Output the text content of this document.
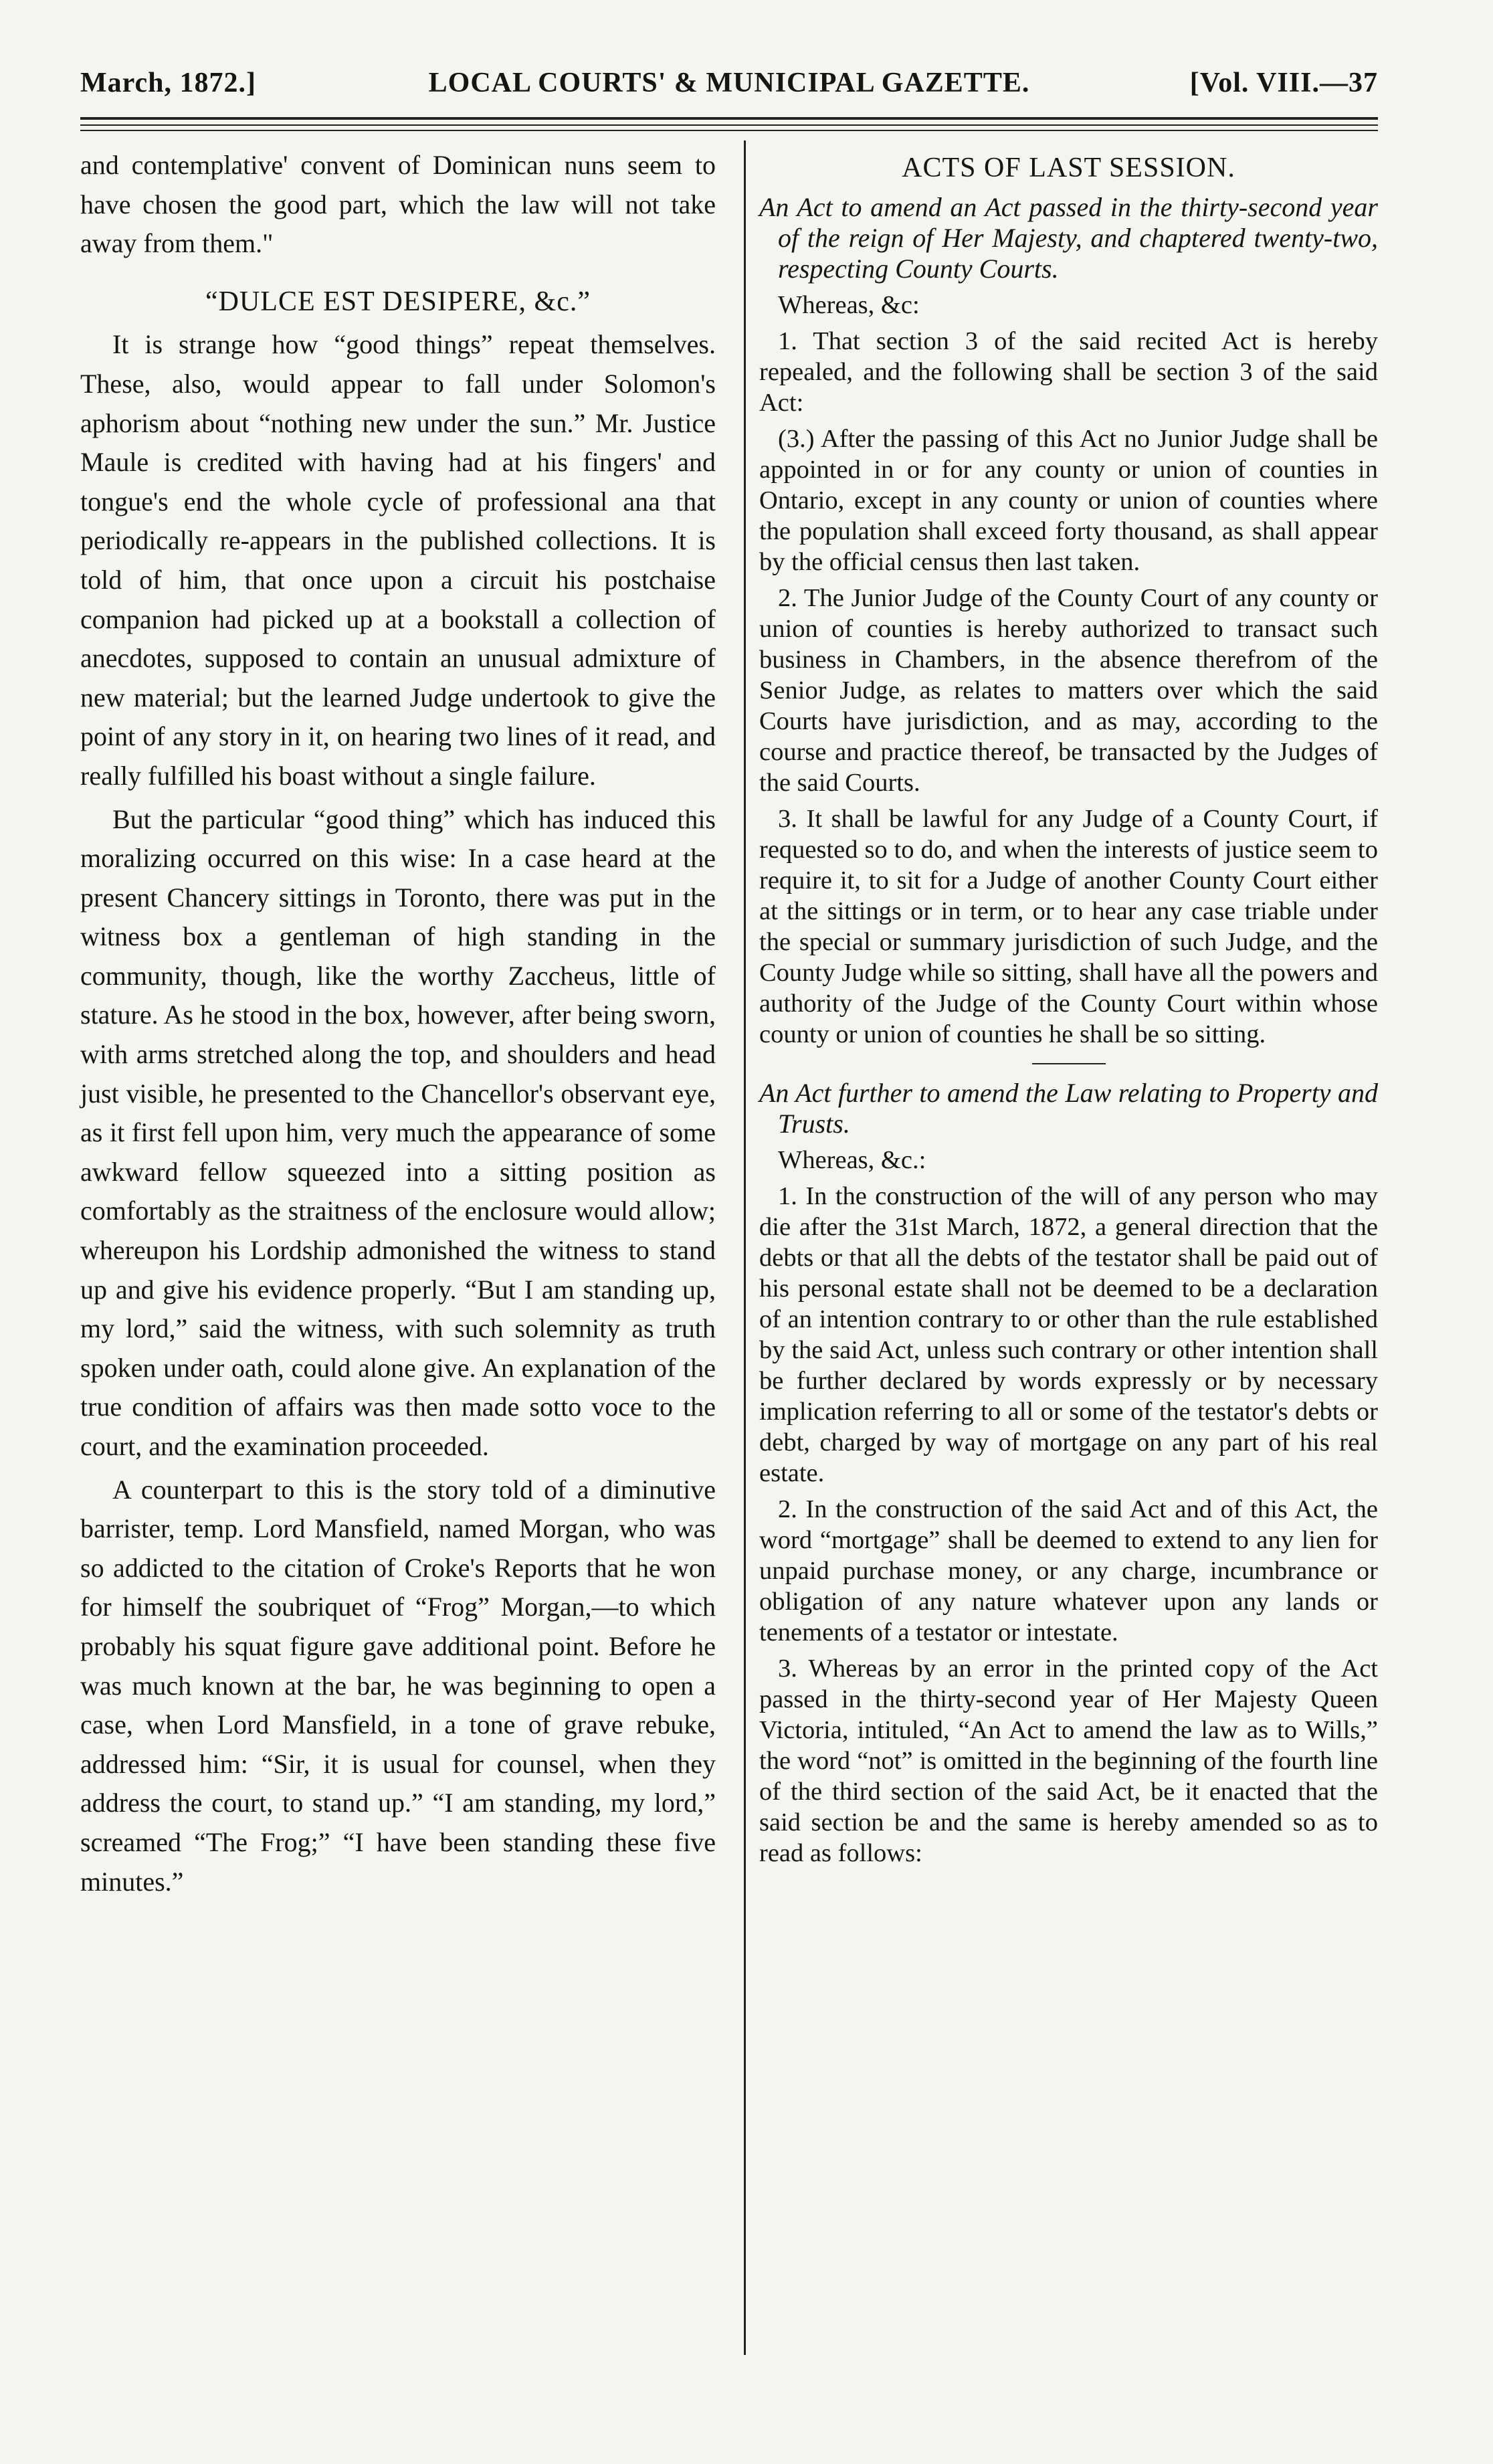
March, 1872.]	LOCAL COURTS' & MUNICIPAL GAZETTE.	[Vol. VIII.—37

and contemplative' convent of Dominican nuns seem to have chosen the good part, which the law will not take away from them."

“DULCE EST DESIPERE, &c.”

It is strange how “good things” repeat themselves. These, also, would appear to fall under Solomon's aphorism about “nothing new under the sun.” Mr. Justice Maule is credited with having had at his fingers' and tongue's end the whole cycle of professional ana that periodically re-appears in the published collections. It is told of him, that once upon a circuit his postchaise companion had picked up at a bookstall a collection of anecdotes, supposed to contain an unusual admixture of new material; but the learned Judge undertook to give the point of any story in it, on hearing two lines of it read, and really fulfilled his boast without a single failure.

But the particular “good thing” which has induced this moralizing occurred on this wise: In a case heard at the present Chancery sittings in Toronto, there was put in the witness box a gentleman of high standing in the community, though, like the worthy Zaccheus, little of stature. As he stood in the box, however, after being sworn, with arms stretched along the top, and shoulders and head just visible, he presented to the Chancellor's observant eye, as it first fell upon him, very much the appearance of some awkward fellow squeezed into a sitting position as comfortably as the straitness of the enclosure would allow; whereupon his Lordship admonished the witness to stand up and give his evidence properly. “But I am standing up, my lord,” said the witness, with such solemnity as truth spoken under oath, could alone give. An explanation of the true condition of affairs was then made sotto voce to the court, and the examination proceeded.

A counterpart to this is the story told of a diminutive barrister, temp. Lord Mansfield, named Morgan, who was so addicted to the citation of Croke's Reports that he won for himself the soubriquet of “Frog” Morgan,—to which probably his squat figure gave additional point. Before he was much known at the bar, he was beginning to open a case, when Lord Mansfield, in a tone of grave rebuke, addressed him: “Sir, it is usual for counsel, when they address the court, to stand up.” “I am standing, my lord,” screamed “The Frog;” “I have been standing these five minutes.”

ACTS OF LAST SESSION.
An Act to amend an Act passed in the thirty-second year of the reign of Her Majesty, and chaptered twenty-two, respecting County Courts.

Whereas, &c:

1. That section 3 of the said recited Act is hereby repealed, and the following shall be section 3 of the said Act:

(3.) After the passing of this Act no Junior Judge shall be appointed in or for any county or union of counties in Ontario, except in any county or union of counties where the population shall exceed forty thousand, as shall appear by the official census then last taken.

2. The Junior Judge of the County Court of any county or union of counties is hereby authorized to transact such business in Chambers, in the absence therefrom of the Senior Judge, as relates to matters over which the said Courts have jurisdiction, and as may, according to the course and practice thereof, be transacted by the Judges of the said Courts.

3. It shall be lawful for any Judge of a County Court, if requested so to do, and when the interests of justice seem to require it, to sit for a Judge of another County Court either at the sittings or in term, or to hear any case triable under the special or summary jurisdiction of such Judge, and the County Judge while so sitting, shall have all the powers and authority of the Judge of the County Court within whose county or union of counties he shall be so sitting.

An Act further to amend the Law relating to Property and Trusts.

Whereas, &c.:

1. In the construction of the will of any person who may die after the 31st March, 1872, a general direction that the debts or that all the debts of the testator shall be paid out of his personal estate shall not be deemed to be a declaration of an intention contrary to or other than the rule established by the said Act, unless such contrary or other intention shall be further declared by words expressly or by necessary implication referring to all or some of the testator's debts or debt, charged by way of mortgage on any part of his real estate.

2. In the construction of the said Act and of this Act, the word “mortgage” shall be deemed to extend to any lien for unpaid purchase money, or any charge, incumbrance or obligation of any nature whatever upon any lands or tenements of a testator or intestate.

3. Whereas by an error in the printed copy of the Act passed in the thirty-second year of Her Majesty Queen Victoria, intituled, “An Act to amend the law as to Wills,” the word “not” is omitted in the beginning of the fourth line of the third section of the said Act, be it enacted that the said section be and the same is hereby amended so as to read as follows:
